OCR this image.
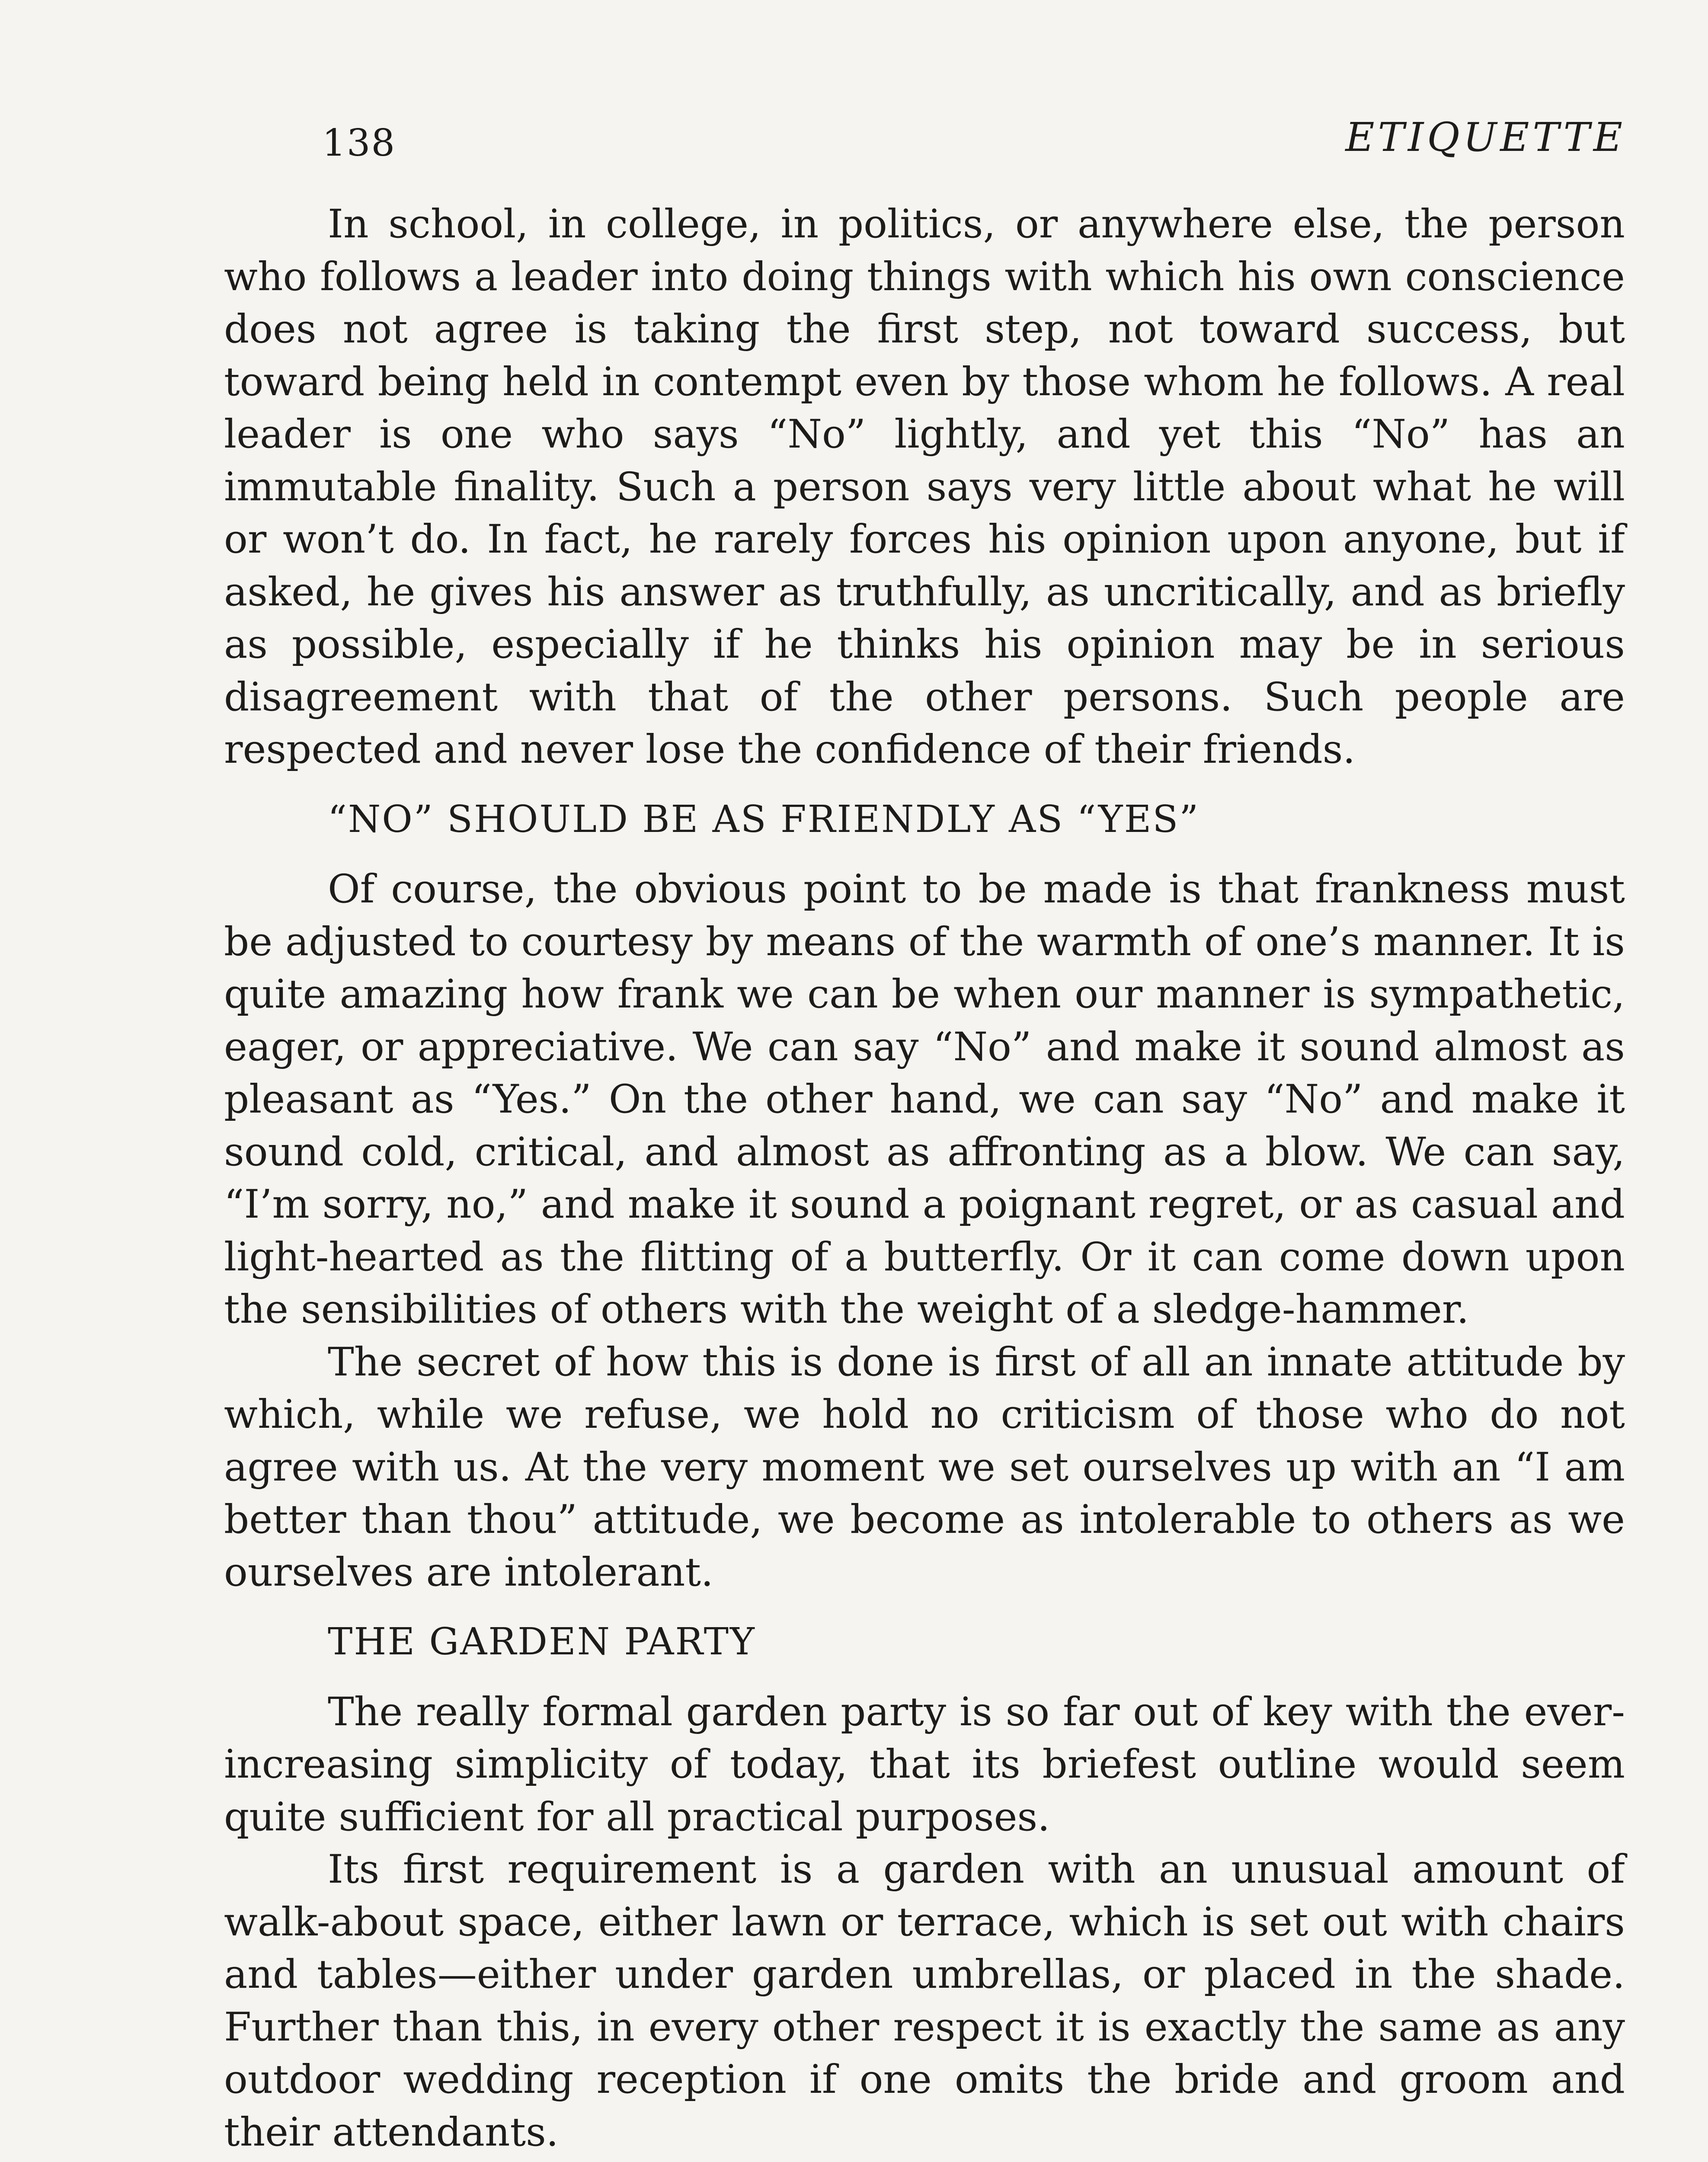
138	ETIQUETTE

In school, in college, in politics, or anywhere else, the person who follows a leader into doing things with which his own conscience does not agree is taking the first step, not toward success, but toward being held in contempt even by those whom he follows. A real leader is one who says “No” lightly, and yet this “No” has an immutable finality. Such a person says very little about what he will or won’t do. In fact, he rarely forces his opinion upon anyone, but if asked, he gives his answer as truthfully, as uncritically, and as briefly as possible, especially if he thinks his opinion may be in serious disagreement with that of the other persons. Such people are respected and never lose the confidence of their friends.

“NO” SHOULD BE AS FRIENDLY AS “YES”

Of course, the obvious point to be made is that frankness must be adjusted to courtesy by means of the warmth of one’s manner. It is quite amazing how frank we can be when our manner is sympathetic, eager, or appreciative. We can say “No” and make it sound almost as pleasant as “Yes.” On the other hand, we can say “No” and make it sound cold, critical, and almost as affronting as a blow. We can say, “I’m sorry, no,” and make it sound a poignant regret, or as casual and light-hearted as the flitting of a butterfly. Or it can come down upon the sensibilities of others with the weight of a sledge-hammer.

The secret of how this is done is first of all an innate attitude by which, while we refuse, we hold no criticism of those who do not agree with us. At the very moment we set ourselves up with an “I am better than thou” attitude, we become as intolerable to others as we ourselves are intolerant.

THE GARDEN PARTY

The really formal garden party is so far out of key with the ever-increasing simplicity of today, that its briefest outline would seem quite sufficient for all practical purposes.

Its first requirement is a garden with an unusual amount of walk-about space, either lawn or terrace, which is set out with chairs and tables—either under garden umbrellas, or placed in the shade. Further than this, in every other respect it is exactly the same as any outdoor wedding reception if one omits the bride and groom and their attendants.
